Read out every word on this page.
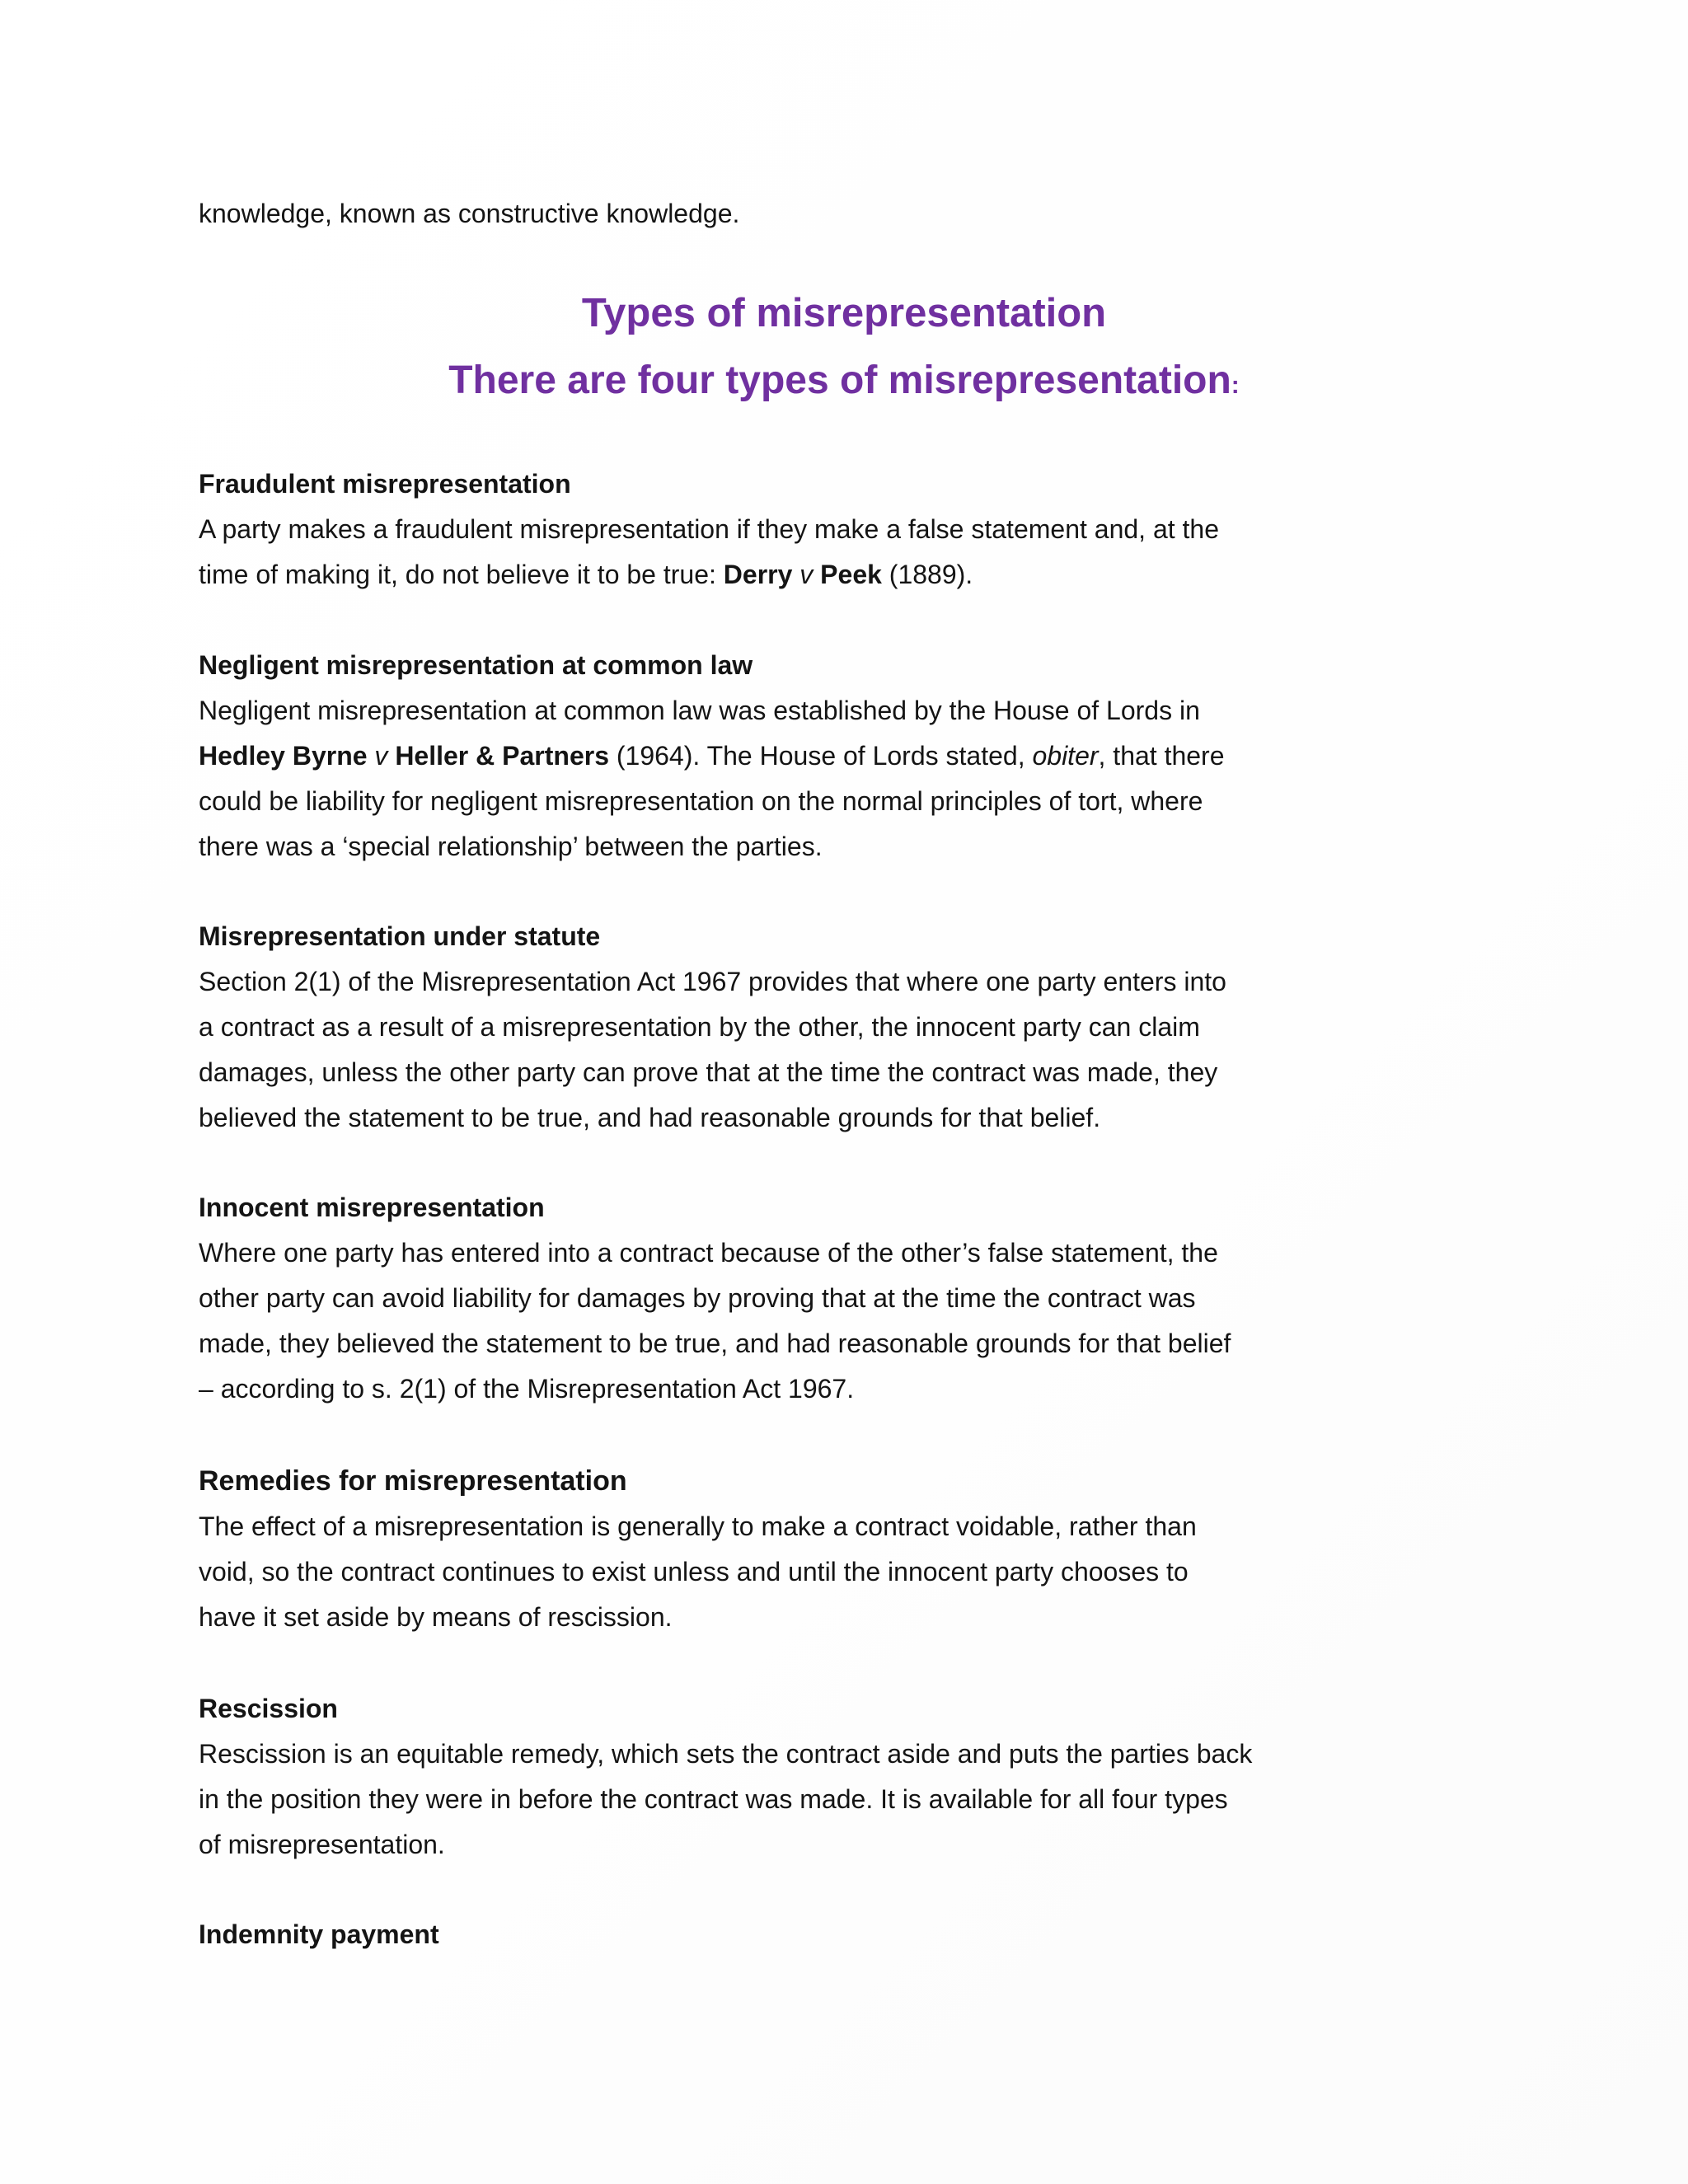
knowledge, known as constructive knowledge.

Types of misrepresentation
There are four types of misrepresentation:
Fraudulent misrepresentation
A party makes a fraudulent misrepresentation if they make a false statement and, at the
time of making it, do not believe it to be true: Derry v Peek (1889).
Negligent misrepresentation at common law
Negligent misrepresentation at common law was established by the House of Lords in
Hedley Byrne v Heller & Partners (1964). The House of Lords stated, obiter, that there
could be liability for negligent misrepresentation on the normal principles of tort, where
there was a ‘special relationship’ between the parties.
Misrepresentation under statute
Section 2(1) of the Misrepresentation Act 1967 provides that where one party enters into
a contract as a result of a misrepresentation by the other, the innocent party can claim
damages, unless the other party can prove that at the time the contract was made, they
believed the statement to be true, and had reasonable grounds for that belief.
Innocent misrepresentation
Where one party has entered into a contract because of the other’s false statement, the
other party can avoid liability for damages by proving that at the time the contract was
made, they believed the statement to be true, and had reasonable grounds for that belief
– according to s. 2(1) of the Misrepresentation Act 1967.
Remedies for misrepresentation
The effect of a misrepresentation is generally to make a contract voidable, rather than
void, so the contract continues to exist unless and until the innocent party chooses to
have it set aside by means of rescission.
Rescission
Rescission is an equitable remedy, which sets the contract aside and puts the parties back
in the position they were in before the contract was made. It is available for all four types
of misrepresentation.
Indemnity payment
